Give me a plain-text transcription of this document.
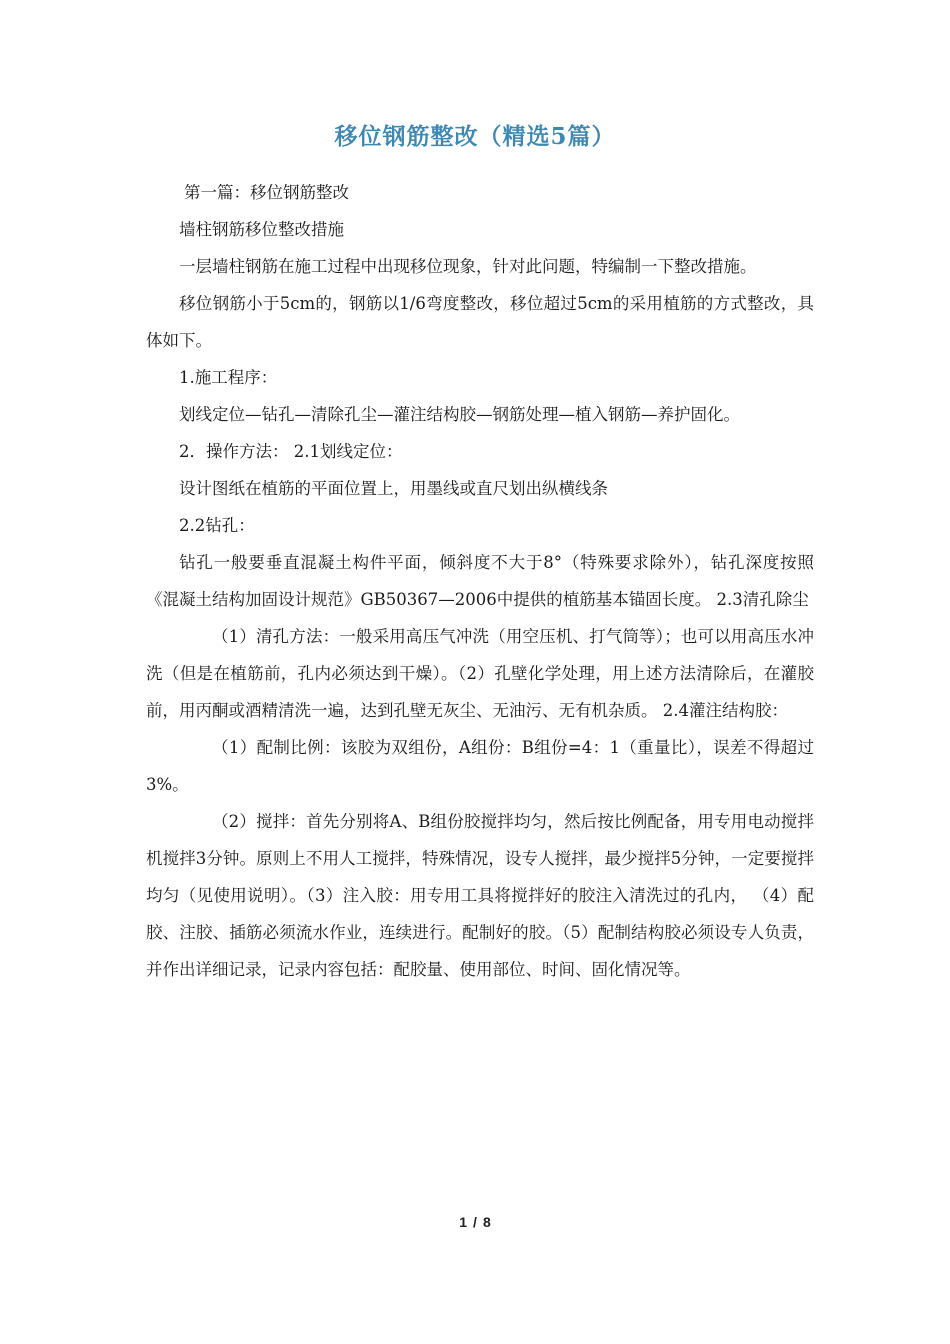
移位钢筋整改（精选5篇）

第一篇：移位钢筋整改

墙柱钢筋移位整改措施

一层墙柱钢筋在施工过程中出现移位现象，针对此问题，特编制一下整改措施。

移位钢筋小于5cm的，钢筋以1/6弯度整改，移位超过5cm的采用植筋的方式整改，具体如下。

1.施工程序：

划线定位—钻孔—清除孔尘—灌注结构胶—钢筋处理—植入钢筋—养护固化。

2．操作方法： 2.1划线定位：

设计图纸在植筋的平面位置上，用墨线或直尺划出纵横线条

2.2钻孔：

钻孔一般要垂直混凝土构件平面，倾斜度不大于8°（特殊要求除外），钻孔深度按照《混凝土结构加固设计规范》GB50367—2006中提供的植筋基本锚固长度。 2.3清孔除尘

（1）清孔方法：一般采用高压气冲洗（用空压机、打气筒等）；也可以用高压水冲洗（但是在植筋前，孔内必须达到干燥）。（2）孔壁化学处理，用上述方法清除后，在灌胶前，用丙酮或酒精清洗一遍，达到孔壁无灰尘、无油污、无有机杂质。 2.4灌注结构胶：

（1）配制比例：该胶为双组份，A组份：B组份=4：1（重量比），误差不得超过3%。

（2）搅拌：首先分别将A、B组份胶搅拌均匀，然后按比例配备，用专用电动搅拌机搅拌3分钟。原则上不用人工搅拌，特殊情况，设专人搅拌，最少搅拌5分钟，一定要搅拌均匀（见使用说明）。（3）注入胶：用专用工具将搅拌好的胶注入清洗过的孔内， （4）配胶、注胶、插筋必须流水作业，连续进行。配制好的胶。（5）配制结构胶必须设专人负责，并作出详细记录，记录内容包括：配胶量、使用部位、时间、固化情况等。

1 / 8
